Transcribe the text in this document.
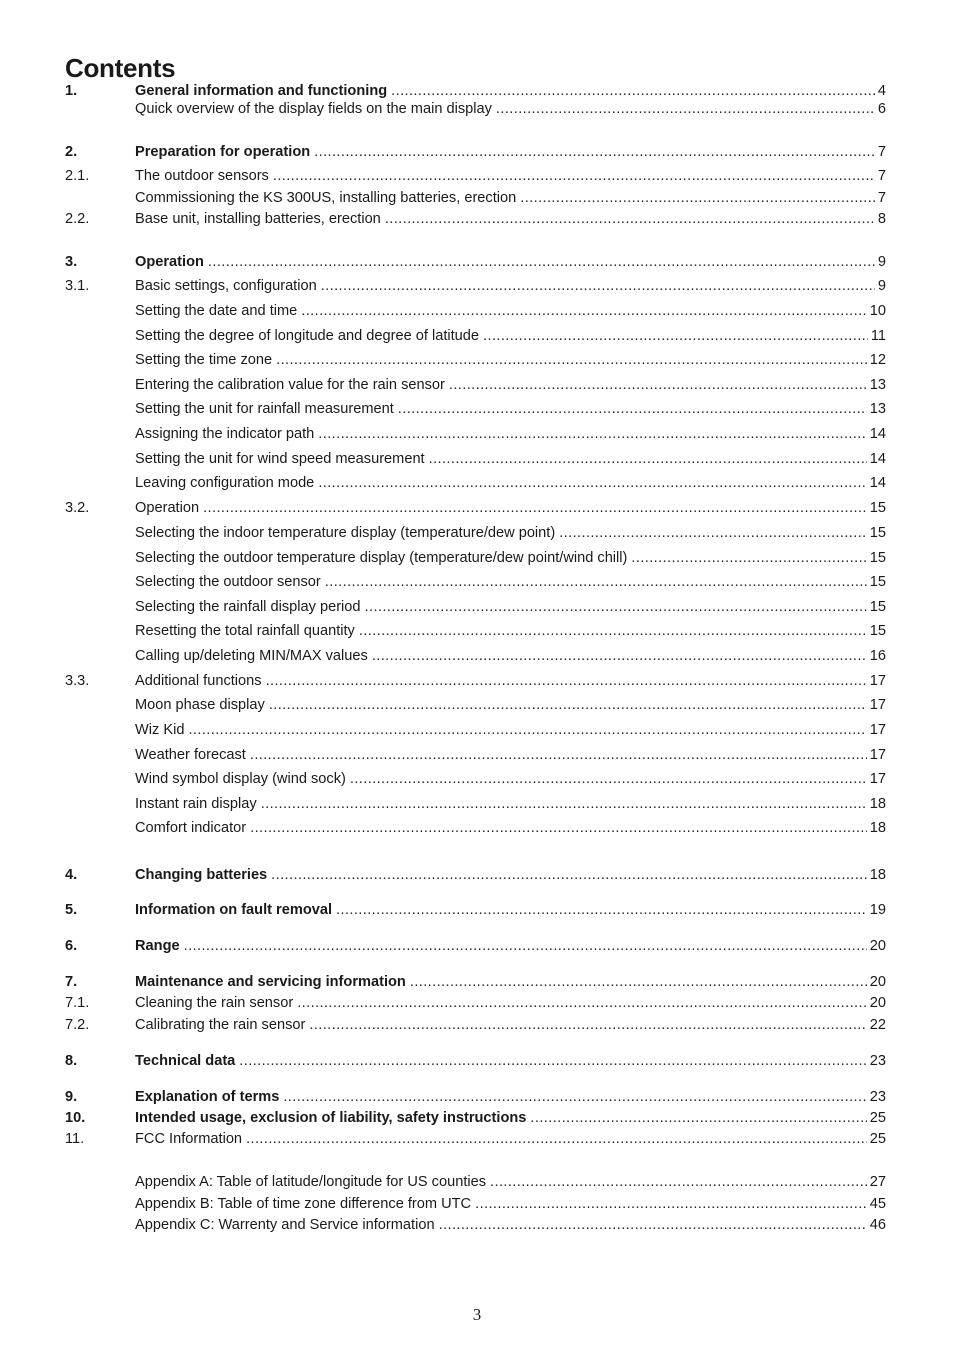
Contents
1.	General information and functioning .....	4
Quick overview of the display fields on the main display .....	6
2.	Preparation for operation .....	7
2.1.	The outdoor sensors .....	7
Commissioning the KS 300US, installing batteries, erection .....	7
2.2.	Base unit, installing batteries, erection .....	8
3.	Operation .....	9
3.1.	Basic settings, configuration .....	9
Setting the date and time .....	10
Setting the degree of longitude and degree of latitude .....	11
Setting the time zone .....	12
Entering the calibration value for the rain sensor .....	13
Setting the unit for rainfall measurement .....	13
Assigning the indicator path .....	14
Setting the unit for wind speed measurement .....	14
Leaving configuration mode .....	14
3.2.	Operation .....	15
Selecting the indoor temperature display (temperature/dew point) .....	15
Selecting the outdoor temperature display (temperature/dew point/wind chill) .....	15
Selecting the outdoor sensor .....	15
Selecting the rainfall display period .....	15
Resetting the total rainfall quantity .....	15
Calling up/deleting MIN/MAX values .....	16
3.3.	Additional functions .....	17
Moon phase display .....	17
Wiz Kid .....	17
Weather forecast .....	17
Wind symbol display (wind sock) .....	17
Instant rain display .....	18
Comfort indicator .....	18
4.	Changing batteries .....	18
5.	Information on fault removal .....	19
6.	Range .....	20
7.	Maintenance and servicing information .....	20
7.1.	Cleaning the rain sensor .....	20
7.2.	Calibrating the rain sensor .....	22
8.	Technical data .....	23
9.	Explanation of terms .....	23
10.	Intended usage, exclusion of liability, safety instructions .....	25
11.	FCC Information .....	25
Appendix A: Table of latitude/longitude for US counties .....	27
Appendix B: Table of time zone difference from UTC .....	45
Appendix C: Warrenty and Service information .....	46
3
